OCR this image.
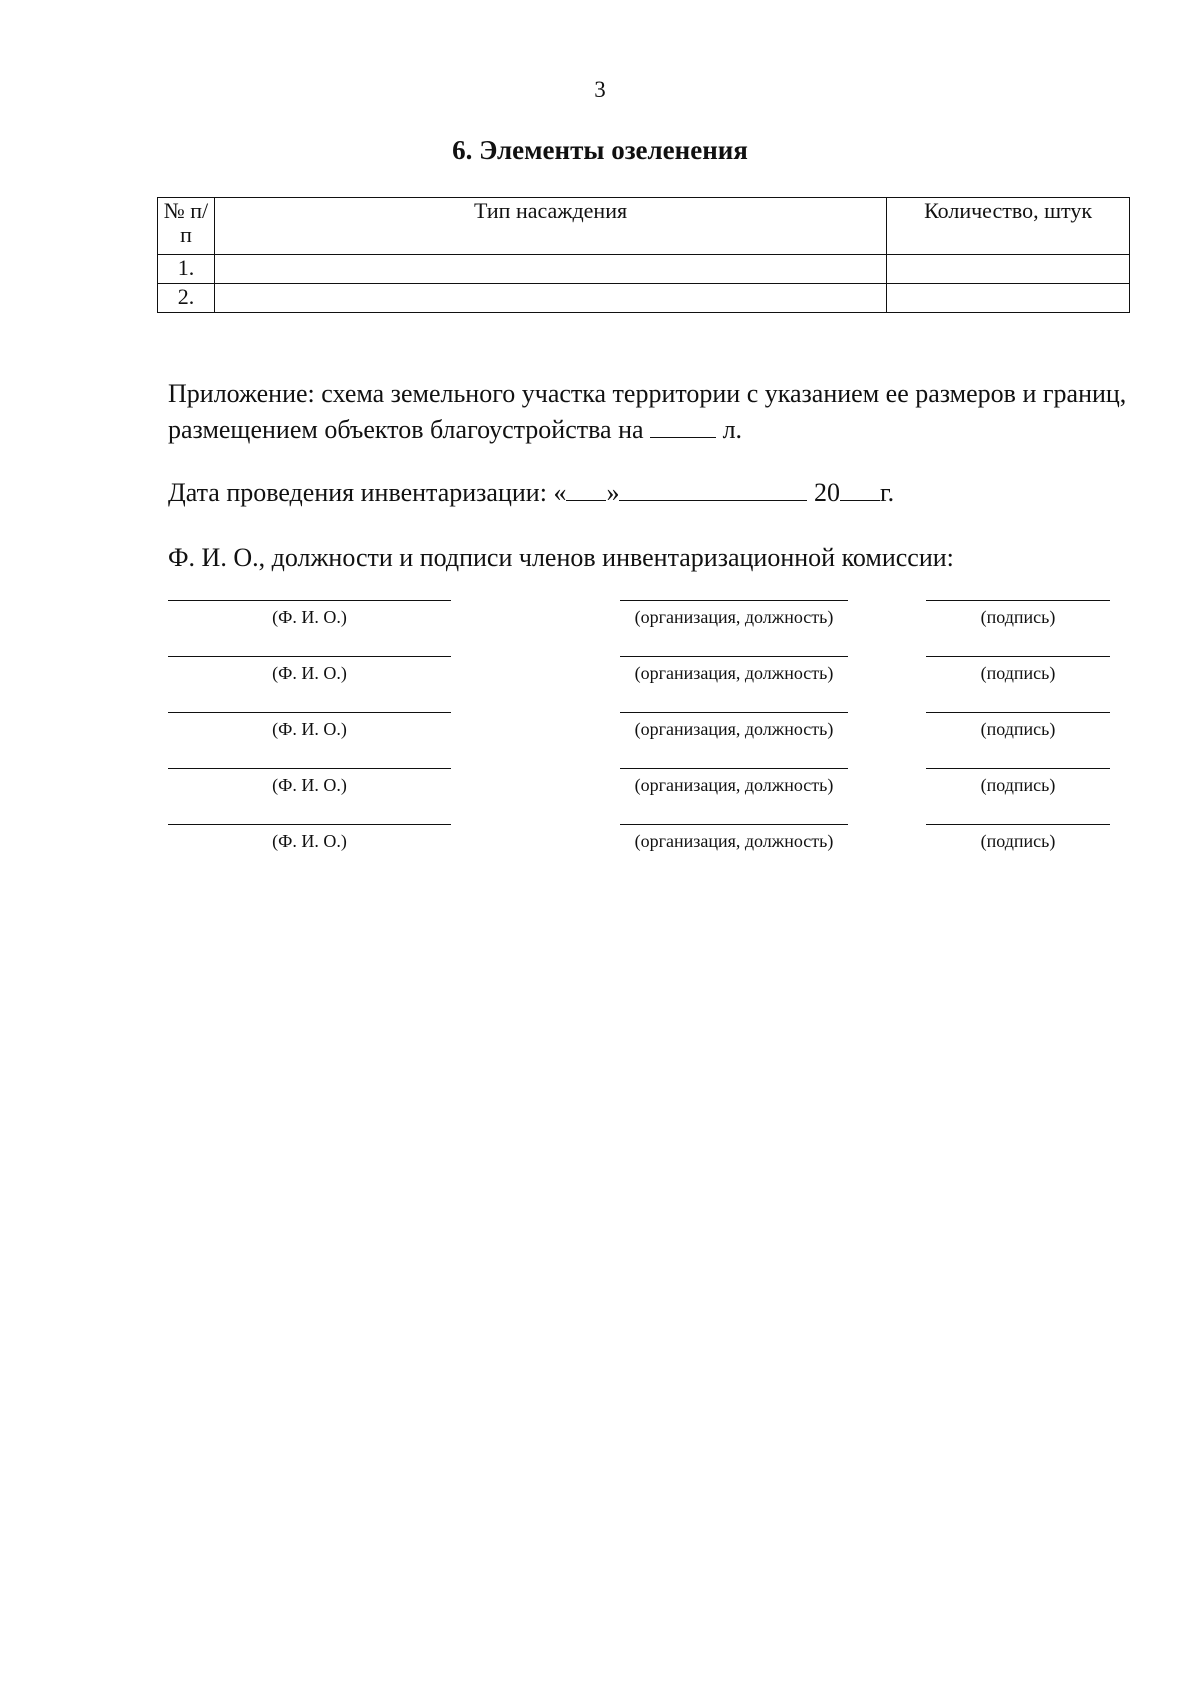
3
6. Элементы озеленения
№ п/п	Тип насаждения	Количество, штук
1.		
2.		
Приложение: схема земельного участка территории с указанием ее размеров и границ, размещением объектов благоустройства на	л.
Дата проведения инвентаризации: « »	20 г.
Ф. И. О., должности и подписи членов инвентаризационной комиссии:
(Ф. И. О.)	(организация, должность)	(подпись)
(Ф. И. О.)	(организация, должность)	(подпись)
(Ф. И. О.)	(организация, должность)	(подпись)
(Ф. И. О.)	(организация, должность)	(подпись)
(Ф. И. О.)	(организация, должность)	(подпись)
